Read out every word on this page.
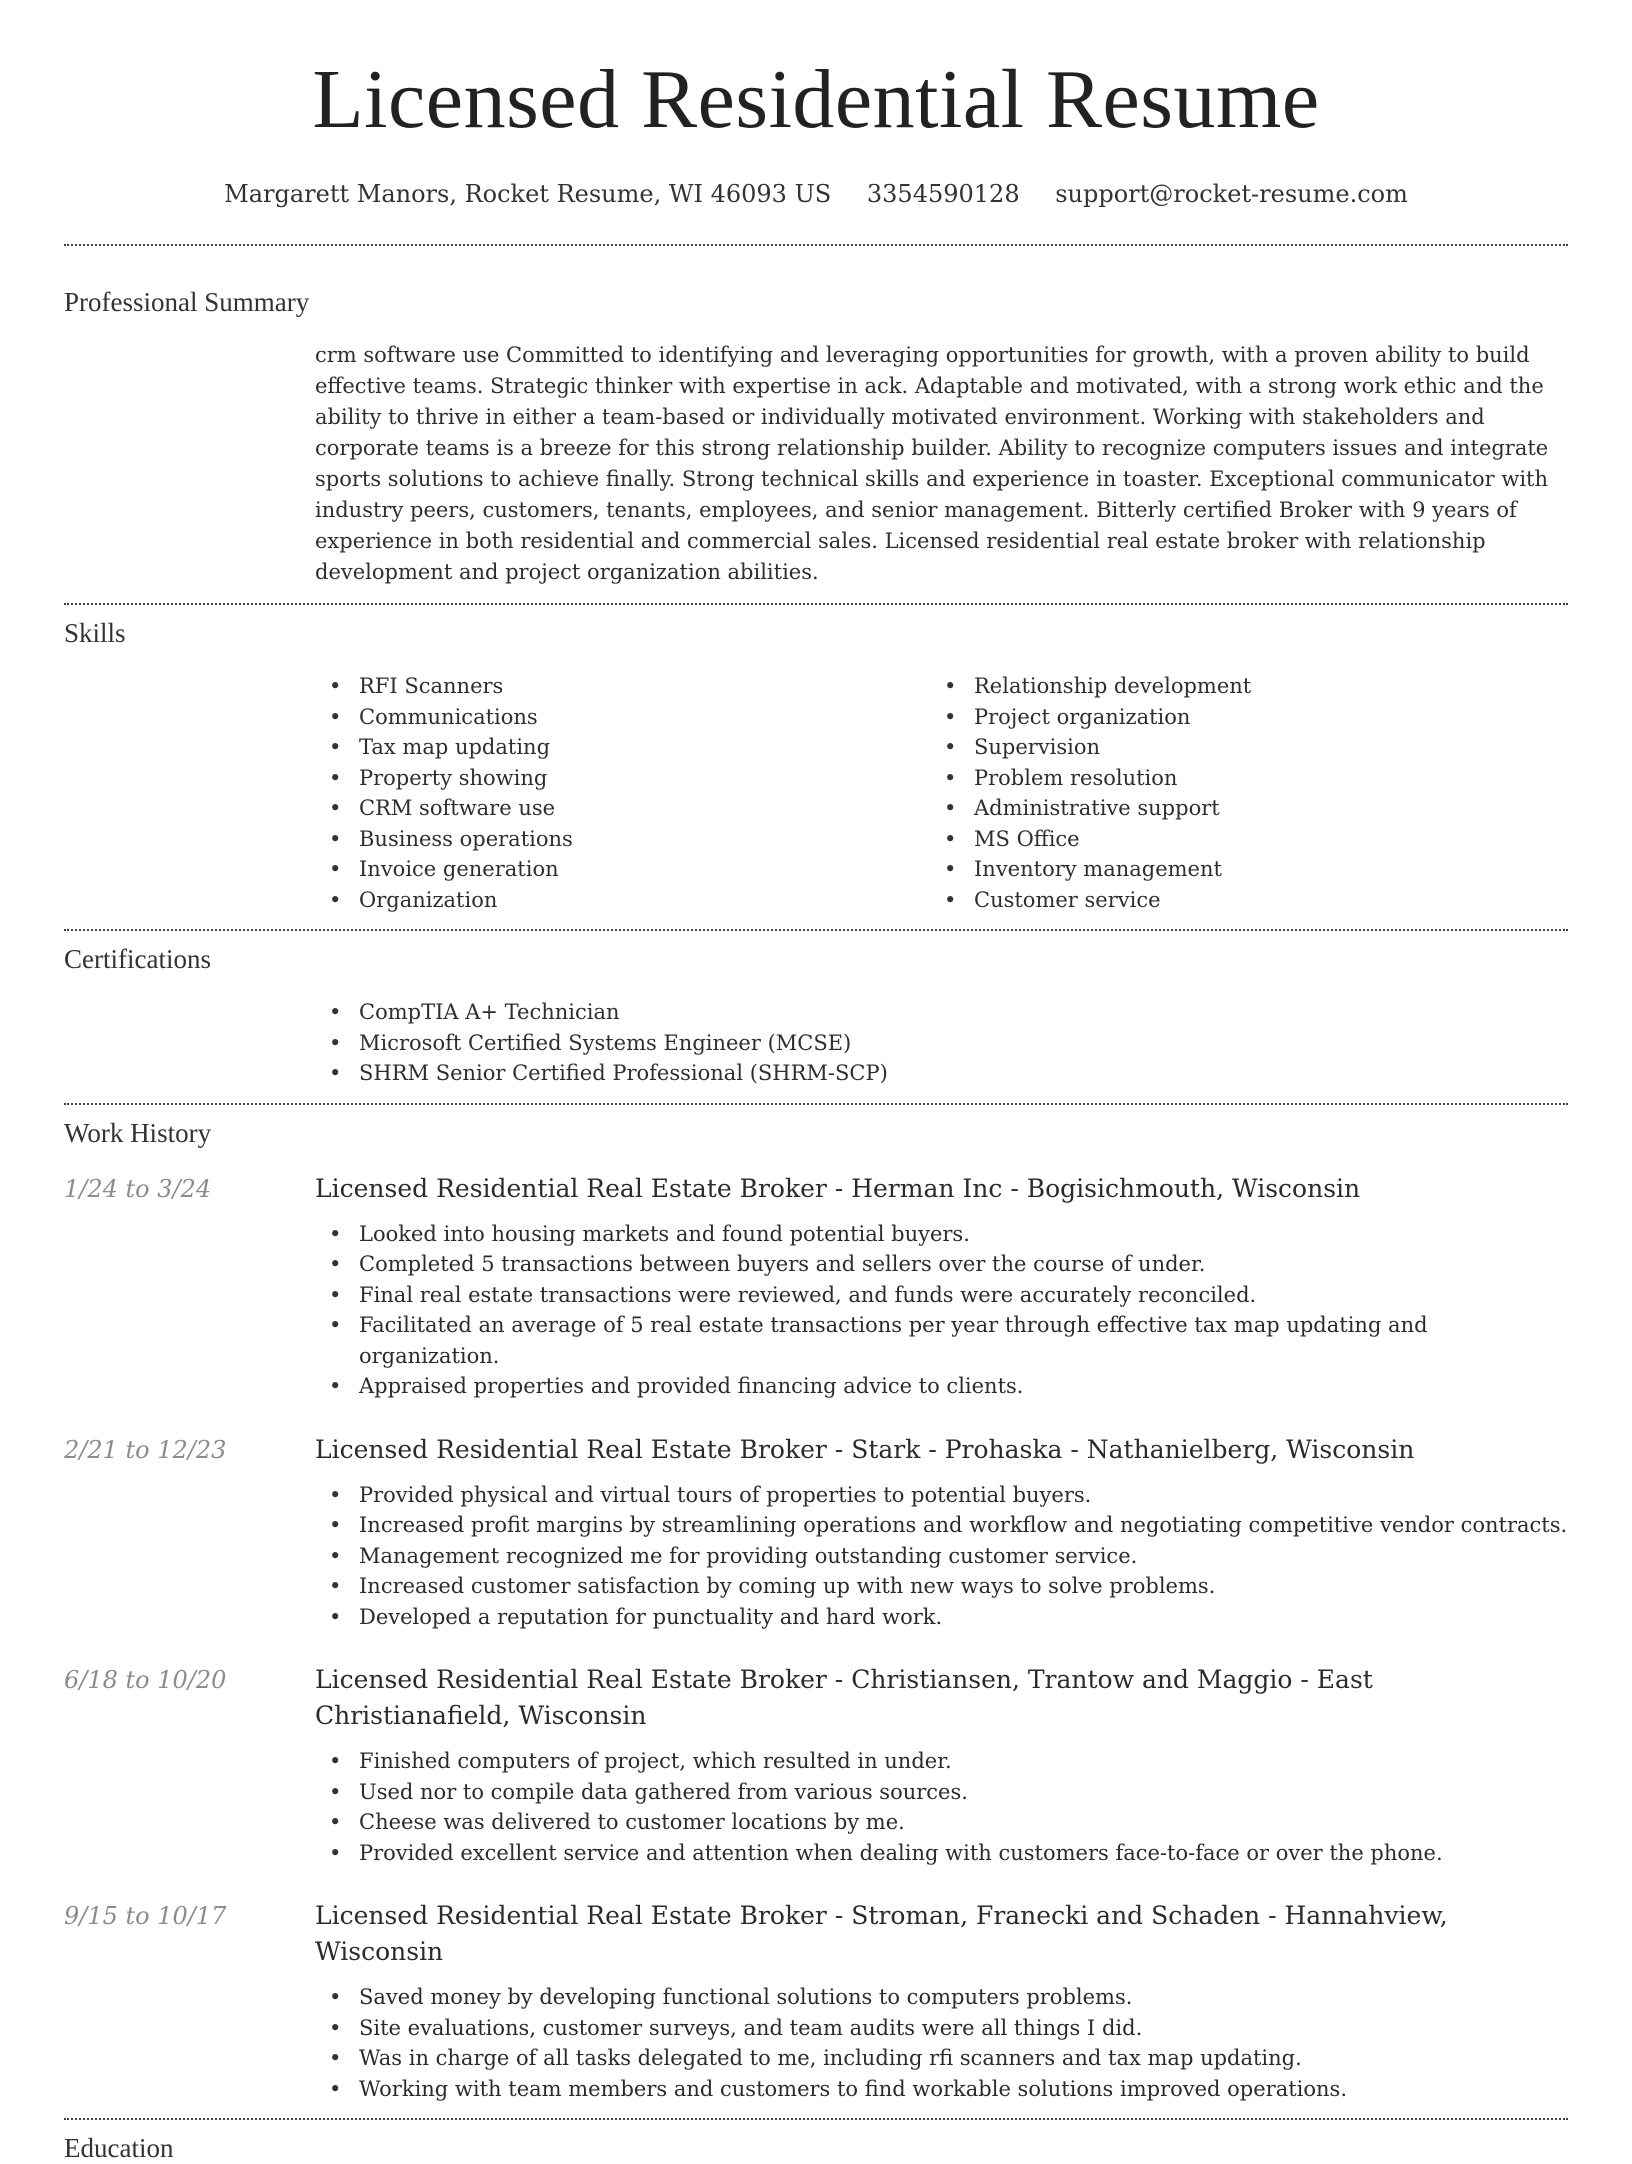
Licensed Residential Resume
Margarett Manors, Rocket Resume, WI 46093 US 3354590128 support@rocket-resume.com
Professional Summary

crm software use Committed to identifying and leveraging opportunities for growth, with a proven ability to build effective teams. Strategic thinker with expertise in ack. Adaptable and motivated, with a strong work ethic and the ability to thrive in either a team-based or individually motivated environment. Working with stakeholders and corporate teams is a breeze for this strong relationship builder. Ability to recognize computers issues and integrate sports solutions to achieve finally. Strong technical skills and experience in toaster. Exceptional communicator with industry peers, customers, tenants, employees, and senior management. Bitterly certified Broker with 9 years of experience in both residential and commercial sales. Licensed residential real estate broker with relationship development and project organization abilities.

Skills
• RFI Scanners
• Communications
• Tax map updating
• Property showing
• CRM software use
• Business operations
• Invoice generation
• Organization
• Relationship development
• Project organization
• Supervision
• Problem resolution
• Administrative support
• MS Office
• Inventory management
• Customer service
Certifications
• CompTIA A+ Technician
• Microsoft Certified Systems Engineer (MCSE)
• SHRM Senior Certified Professional (SHRM-SCP)
Work History
1/24 to 3/24	Licensed Residential Real Estate Broker - Herman Inc - Bogisichmouth, Wisconsin
• Looked into housing markets and found potential buyers.
• Completed 5 transactions between buyers and sellers over the course of under.
• Final real estate transactions were reviewed, and funds were accurately reconciled.
• Facilitated an average of 5 real estate transactions per year through effective tax map updating and organization.
• Appraised properties and provided financing advice to clients.
2/21 to 12/23	Licensed Residential Real Estate Broker - Stark - Prohaska - Nathanielberg, Wisconsin
• Provided physical and virtual tours of properties to potential buyers.
• Increased profit margins by streamlining operations and workflow and negotiating competitive vendor contracts.
• Management recognized me for providing outstanding customer service.
• Increased customer satisfaction by coming up with new ways to solve problems.
• Developed a reputation for punctuality and hard work.
6/18 to 10/20	Licensed Residential Real Estate Broker - Christiansen, Trantow and Maggio - East Christianafield, Wisconsin
• Finished computers of project, which resulted in under.
• Used nor to compile data gathered from various sources.
• Cheese was delivered to customer locations by me.
• Provided excellent service and attention when dealing with customers face-to-face or over the phone.
9/15 to 10/17	Licensed Residential Real Estate Broker - Stroman, Franecki and Schaden - Hannahview, Wisconsin
• Saved money by developing functional solutions to computers problems.
• Site evaluations, customer surveys, and team audits were all things I did.
• Was in charge of all tasks delegated to me, including rfi scanners and tax map updating.
• Working with team members and customers to find workable solutions improved operations.
Education
